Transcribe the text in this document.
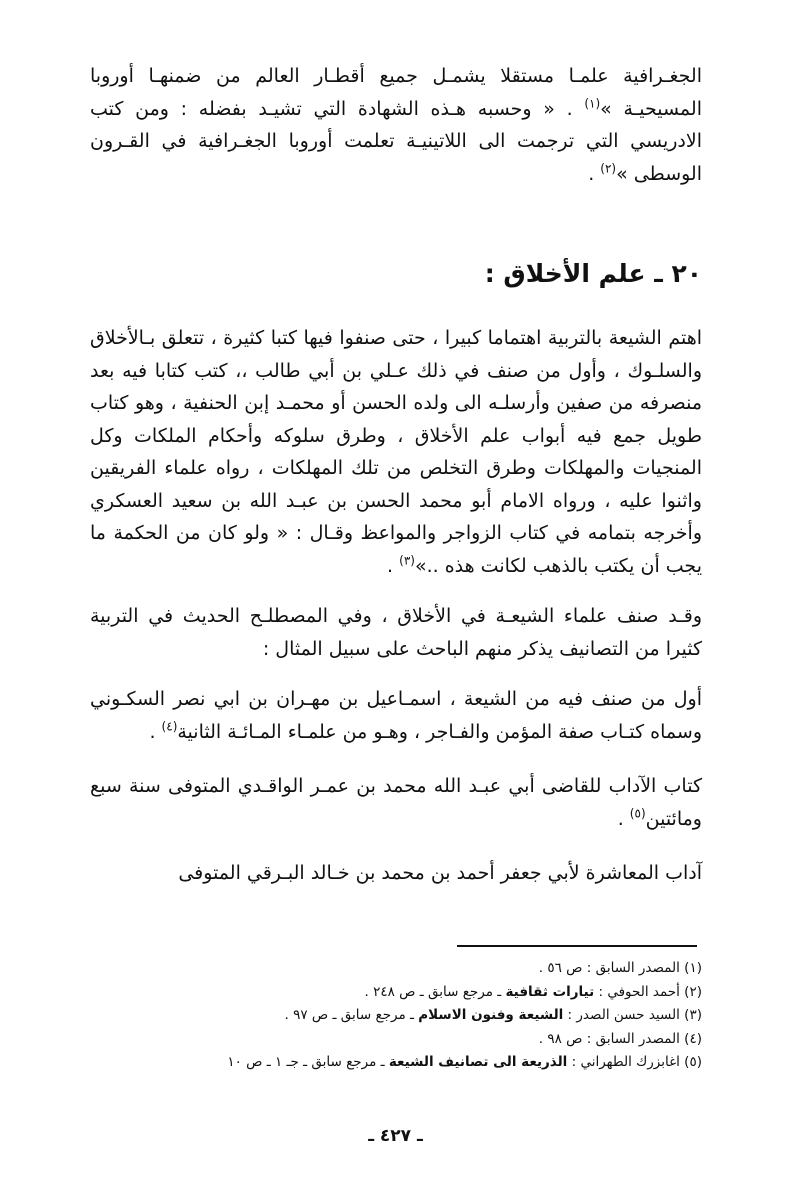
الجغـرافية علمـا مستقلا يشمـل جميع أقطـار العالم من ضمنهـا أوروبا المسيحيـة »$^{(١)}$ . « وحسبه هـذه الشهادة التي تشيـد بفضله : ومن كتب الادريسي التي ترجمت الى اللاتينيـة تعلمت أوروبا الجغـرافية في القـرون الوسطى »$^{(٢)}$ .

٢٠ ـ علم الأخلاق :

اهتم الشيعة بالتربية اهتماما كبيرا ، حتى صنفوا فيها كتبا كثيرة ، تتعلق بـالأخلاق والسلـوك ، وأول من صنف في ذلك عـلي بن أبي طالب ،، كتب كتابا فيه بعد منصرفه من صفين وأرسلـه الى ولده الحسن أو محمـد إبن الحنفية ، وهو كتاب طويل جمع فيه أبواب علم الأخلاق ، وطرق سلوكه وأحكام الملكات وكل المنجيات والمهلكات وطرق التخلص من تلك المهلكات ، رواه علماء الفريقين واثنوا عليه ، ورواه الامام أبو محمد الحسن بن عبـد الله بن سعيد العسكري وأخرجه بتمامه في كتاب الزواجر والمواعظ وقـال : « ولو كان من الحكمة ما يجب أن يكتب بالذهب لكانت هذه ..»$^{(٣)}$ .

وقـد صنف علماء الشيعـة في الأخلاق ، وفي المصطلـح الحديث في التربية كثيرا من التصانيف يذكر منهم الباحث على سبيل المثال :

أول من صنف فيه من الشيعة ، اسمـاعيل بن مهـران بن ابي نصر السكـوني وسماه كتـاب صفة المؤمن والفـاجر ، وهـو من علمـاء المـائـة الثانية$^{(٤)}$ .

كتاب الآداب للقاضى أبي عبـد الله محمد بن عمـر الواقـدي المتوفى سنة سبع ومائتين$^{(٥)}$ .

آداب المعاشرة لأبي جعفر أحمد بن محمد بن خـالد البـرقي المتوفى

(١) المصدر السابق : ص ٥٦ .

(٢) أحمد الحوفي : تيارات ثقافية ـ مرجع سابق ـ ص ٢٤٨ .

(٣) السيد حسن الصدر : الشيعة وفنون الاسلام ـ مرجع سابق ـ ص ٩٧ .

(٤) المصدر السابق : ص ٩٨ .

(٥) اغابزرك الطهراني : الذريعة الى تصانيف الشيعة ـ مرجع سابق ـ جـ ١ ـ ص ١٠

ـ ٤٢٧ ـ
